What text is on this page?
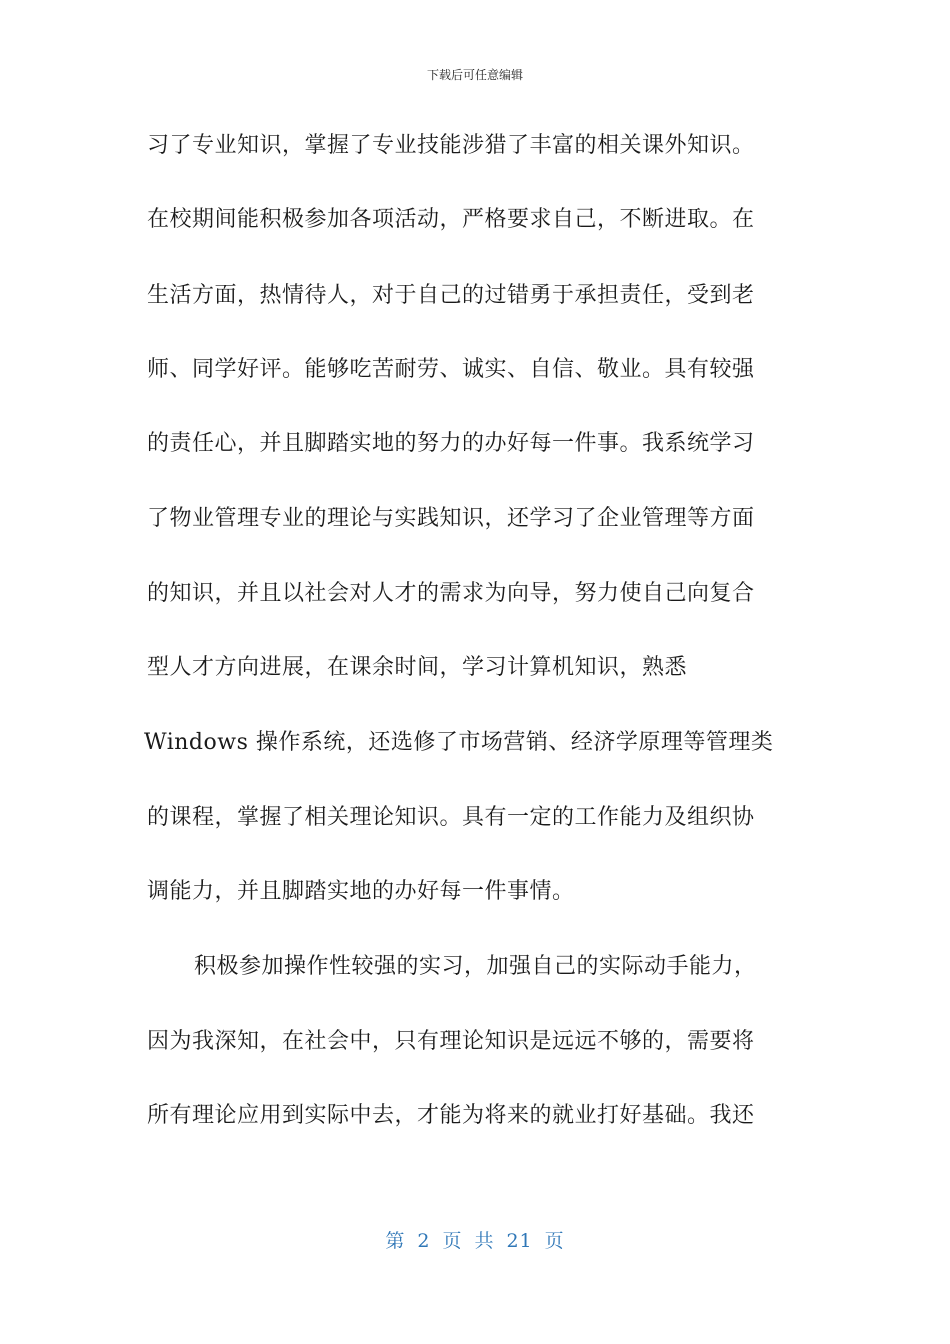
下载后可任意编辑
习了专业知识，掌握了专业技能涉猎了丰富的相关课外知识。
在校期间能积极参加各项活动，严格要求自己，不断进取。在
生活方面，热情待人，对于自己的过错勇于承担责任，受到老
师、同学好评。能够吃苦耐劳、诚实、自信、敬业。具有较强
的责任心，并且脚踏实地的努力的办好每一件事。我系统学习
了物业管理专业的理论与实践知识，还学习了企业管理等方面
的知识，并且以社会对人才的需求为向导，努力使自己向复合
型人才方向进展，在课余时间，学习计算机知识，熟悉
Windows 操作系统，还选修了市场营销、经济学原理等管理类
的课程，掌握了相关理论知识。具有一定的工作能力及组织协
调能力，并且脚踏实地的办好每一件事情。
积极参加操作性较强的实习，加强自己的实际动手能力，
因为我深知，在社会中，只有理论知识是远远不够的，需要将
所有理论应用到实际中去，才能为将来的就业打好基础。我还
第 2 页 共 21 页
